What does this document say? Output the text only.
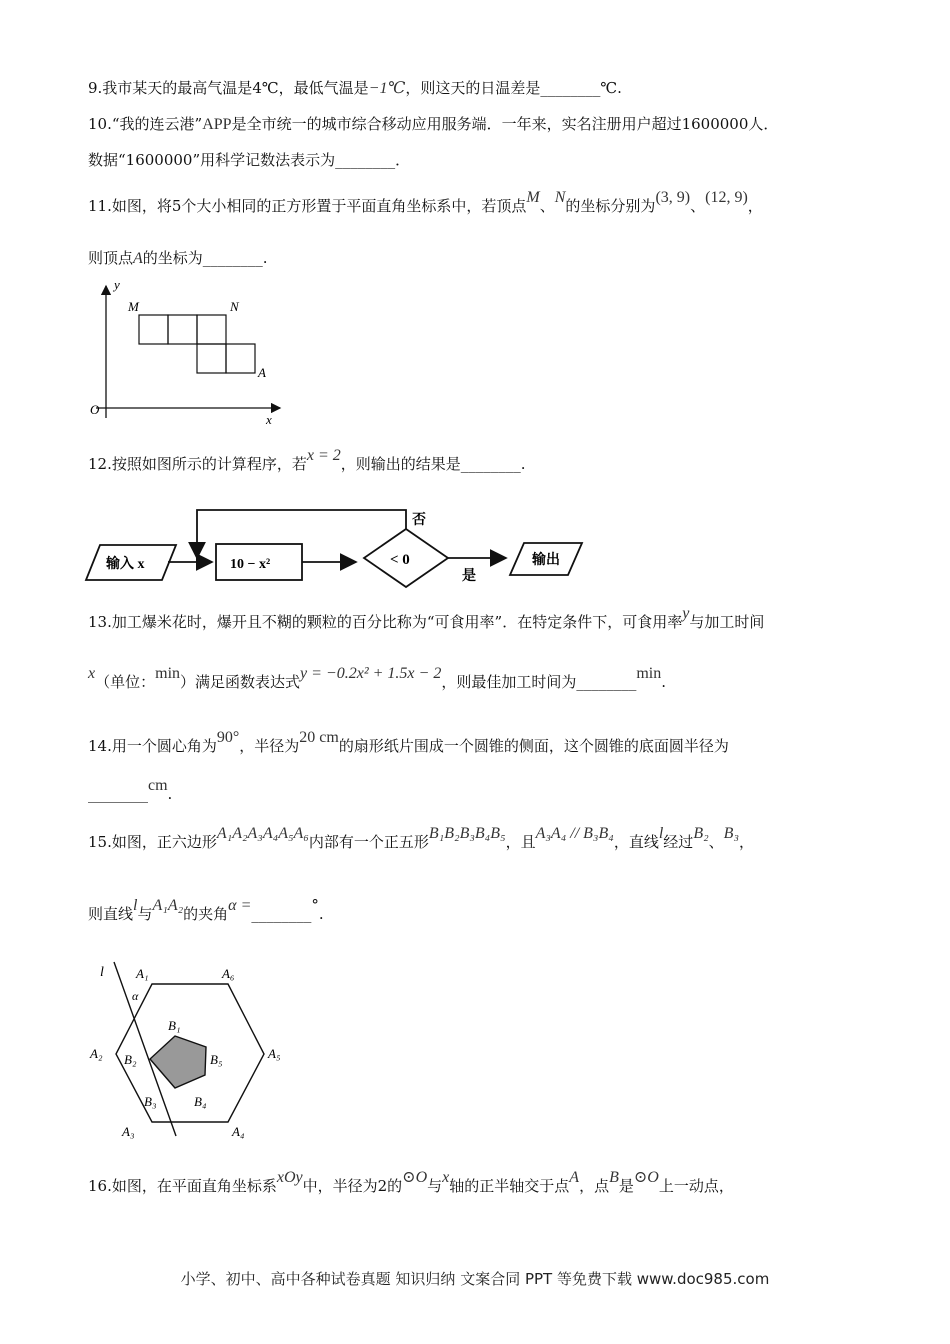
9.我市某天的最高气温是4℃，最低气温是−1℃，则这天的日温差是________℃.
10.“我的连云港”APP是全市统一的城市综合移动应用服务端．一年来，实名注册用户超过1600000人．
数据“1600000”用科学记数法表示为________．
11.如图，将5个大小相同的正方形置于平面直角坐标系中，若顶点M、N的坐标分别为(3, 9)、(12, 9)，
则顶点A的坐标为________.
y
M	N
A
O
x
12.按照如图所示的计算程序，若x = 2，则输出的结果是________.
输入 x	10 − x²	< 0
否
是
输出
13.加工爆米花时，爆开且不糊的颗粒的百分比称为“可食用率”．在特定条件下，可食用率y与加工时间
x（单位：min）满足函数表达式y = −0.2x² + 1.5x − 2，则最佳加工时间为________min.
14.用一个圆心角为90°，半径为20 cm的扇形纸片围成一个圆锥的侧面，这个圆锥的底面圆半径为
________cm.
15.如图，正六边形A₁A₂A₃A₄A₅A₆内部有一个正五形B₁B₂B₃B₄B₅，且A₃A₄ // B₃B₄，直线l经过B₂、B₃，
则直线l与A₁A₂的夹角α =________°.
l A₁	A₆
A₂	A₅
A₃	A₄
B₁
B₂	B₅
B₃	B₄
α
16.如图，在平面直角坐标系xOy中，半径为2的⊙O与x轴的正半轴交于点A，点B是⊙O上一动点，
小学、初中、高中各种试卷真题 知识归纳 文案合同 PPT 等免费下载 www.doc985.com
